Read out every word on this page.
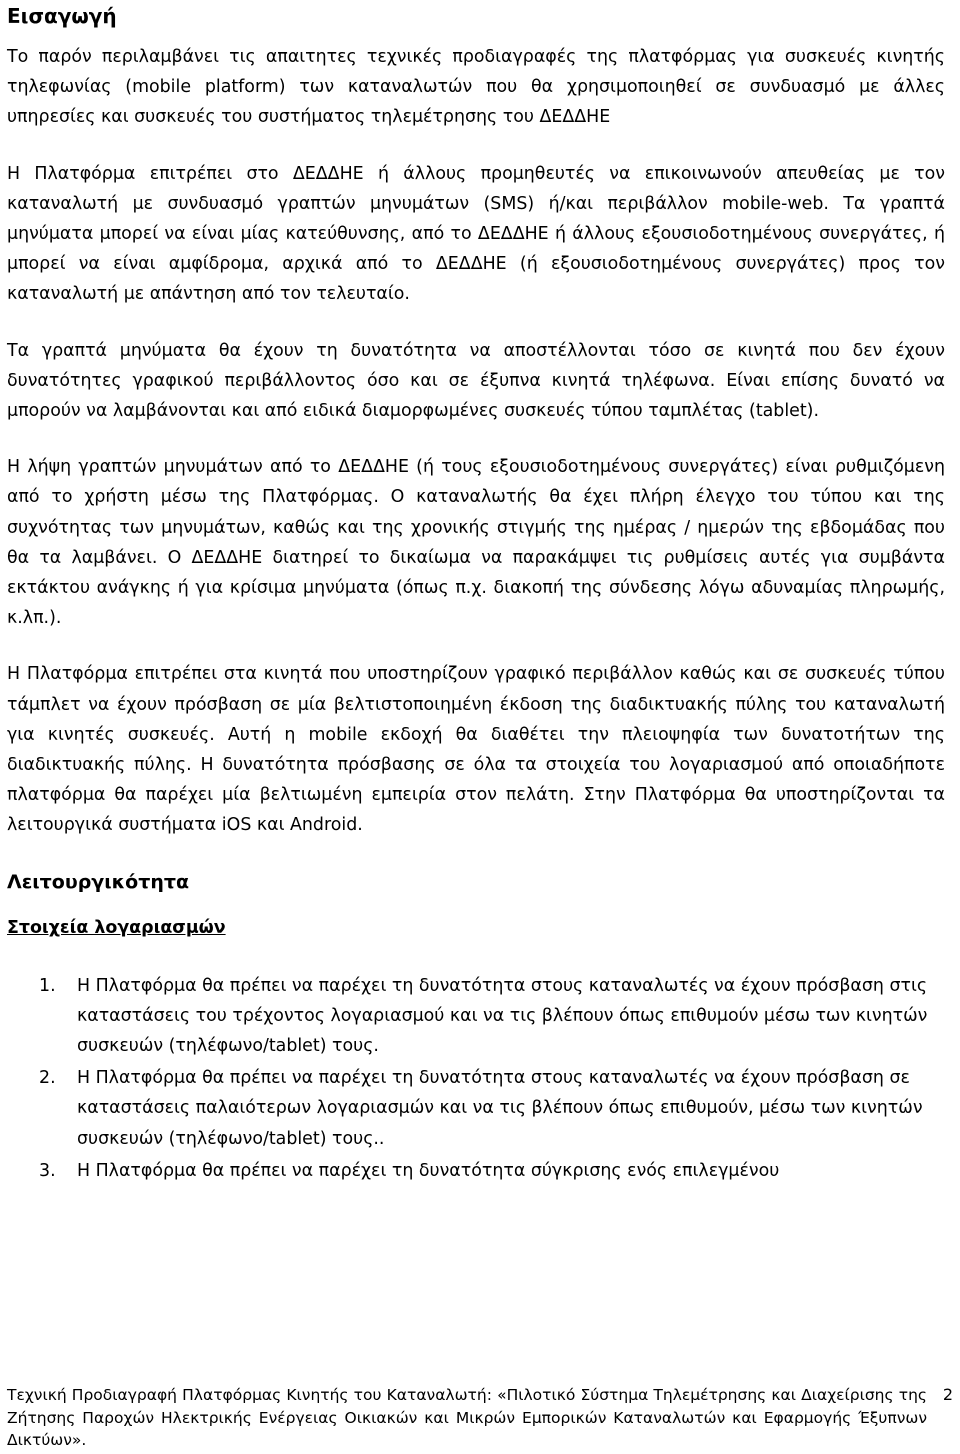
Εισαγωγή

Το παρόν περιλαμβάνει τις απαιτητες τεχνικές προδιαγραφές της πλατφόρμας για συσκευές κινητής τηλεφωνίας (mobile platform) των καταναλωτών που θα χρησιμοποιηθεί σε συνδυασμό με άλλες υπηρεσίες και συσκευές του συστήματος τηλεμέτρησης του ΔΕΔΔΗΕ

Η Πλατφόρμα επιτρέπει στο ΔΕΔΔΗΕ ή άλλους προμηθευτές να επικοινωνούν απευθείας με τον καταναλωτή με συνδυασμό γραπτών μηνυμάτων (SMS) ή/και περιβάλλον mobile-web. Τα γραπτά μηνύματα μπορεί να είναι μίας κατεύθυνσης, από το ΔΕΔΔΗΕ ή άλλους εξουσιοδοτημένους συνεργάτες, ή μπορεί να είναι αμφίδρομα, αρχικά από το ΔΕΔΔΗΕ (ή εξουσιοδοτημένους συνεργάτες) προς τον καταναλωτή με απάντηση από τον τελευταίο.

Τα γραπτά μηνύματα θα έχουν τη δυνατότητα να αποστέλλονται τόσο σε κινητά που δεν έχουν δυνατότητες γραφικού περιβάλλοντος όσο και σε έξυπνα κινητά τηλέφωνα. Είναι επίσης δυνατό να μπορούν να λαμβάνονται και από ειδικά διαμορφωμένες συσκευές τύπου ταμπλέτας (tablet).

Η λήψη γραπτών μηνυμάτων από το ΔΕΔΔΗΕ (ή τους εξουσιοδοτημένους συνεργάτες) είναι ρυθμιζόμενη από το χρήστη μέσω της Πλατφόρμας. Ο καταναλωτής θα έχει πλήρη έλεγχο του τύπου και της συχνότητας των μηνυμάτων, καθώς και της χρονικής στιγμής της ημέρας / ημερών της εβδομάδας που θα τα λαμβάνει. Ο ΔΕΔΔΗΕ διατηρεί το δικαίωμα να παρακάμψει τις ρυθμίσεις αυτές για συμβάντα εκτάκτου ανάγκης ή για κρίσιμα μηνύματα (όπως π.χ. διακοπή της σύνδεσης λόγω αδυναμίας πληρωμής, κ.λπ.).

Η Πλατφόρμα επιτρέπει στα κινητά που υποστηρίζουν γραφικό περιβάλλον καθώς και σε συσκευές τύπου τάμπλετ να έχουν πρόσβαση σε μία βελτιστοποιημένη έκδοση της διαδικτυακής πύλης του καταναλωτή για κινητές συσκευές. Αυτή η mobile εκδοχή θα διαθέτει την πλειοψηφία των δυνατοτήτων της διαδικτυακής πύλης. Η δυνατότητα πρόσβασης σε όλα τα στοιχεία του λογαριασμού από οποιαδήποτε πλατφόρμα θα παρέχει μία βελτιωμένη εμπειρία στον πελάτη. Στην Πλατφόρμα θα υποστηρίζονται τα λειτουργικά συστήματα iOS και Android.

Λειτουργικότητα
Στοιχεία λογαριασμών
1. Η Πλατφόρμα θα πρέπει να παρέχει τη δυνατότητα στους καταναλωτές να έχουν πρόσβαση στις καταστάσεις του τρέχοντος λογαριασμού και να τις βλέπουν όπως επιθυμούν μέσω των κινητών συσκευών (τηλέφωνο/tablet) τους.
2. Η Πλατφόρμα θα πρέπει να παρέχει τη δυνατότητα στους καταναλωτές να έχουν πρόσβαση σε καταστάσεις παλαιότερων λογαριασμών και να τις βλέπουν όπως επιθυμούν, μέσω των κινητών συσκευών (τηλέφωνο/tablet) τους..
3. Η Πλατφόρμα θα πρέπει να παρέχει τη δυνατότητα σύγκρισης ενός επιλεγμένου
Τεχνική Προδιαγραφή Πλατφόρμας Κινητής του Καταναλωτή: «Πιλοτικό Σύστημα Τηλεμέτρησης και Διαχείρισης της Ζήτησης Παροχών Ηλεκτρικής Ενέργειας Οικιακών και Μικρών Εμπορικών Καταναλωτών και Εφαρμογής Έξυπνων Δικτύων».
2
